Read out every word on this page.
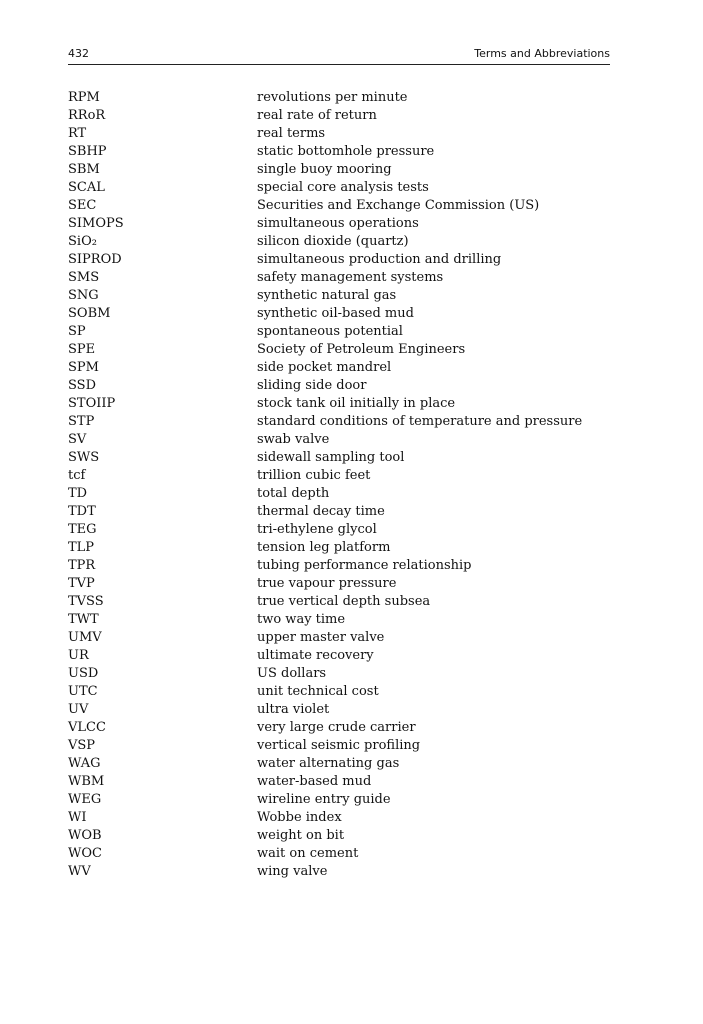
432	Terms and Abbreviations
RPM	revolutions per minute
RRoR	real rate of return
RT	real terms
SBHP	static bottomhole pressure
SBM	single buoy mooring
SCAL	special core analysis tests
SEC	Securities and Exchange Commission (US)
SIMOPS	simultaneous operations
SiO₂	silicon dioxide (quartz)
SIPROD	simultaneous production and drilling
SMS	safety management systems
SNG	synthetic natural gas
SOBM	synthetic oil-based mud
SP	spontaneous potential
SPE	Society of Petroleum Engineers
SPM	side pocket mandrel
SSD	sliding side door
STOIIP	stock tank oil initially in place
STP	standard conditions of temperature and pressure
SV	swab valve
SWS	sidewall sampling tool
tcf	trillion cubic feet
TD	total depth
TDT	thermal decay time
TEG	tri-ethylene glycol
TLP	tension leg platform
TPR	tubing performance relationship
TVP	true vapour pressure
TVSS	true vertical depth subsea
TWT	two way time
UMV	upper master valve
UR	ultimate recovery
USD	US dollars
UTC	unit technical cost
UV	ultra violet
VLCC	very large crude carrier
VSP	vertical seismic profiling
WAG	water alternating gas
WBM	water-based mud
WEG	wireline entry guide
WI	Wobbe index
WOB	weight on bit
WOC	wait on cement
WV	wing valve
